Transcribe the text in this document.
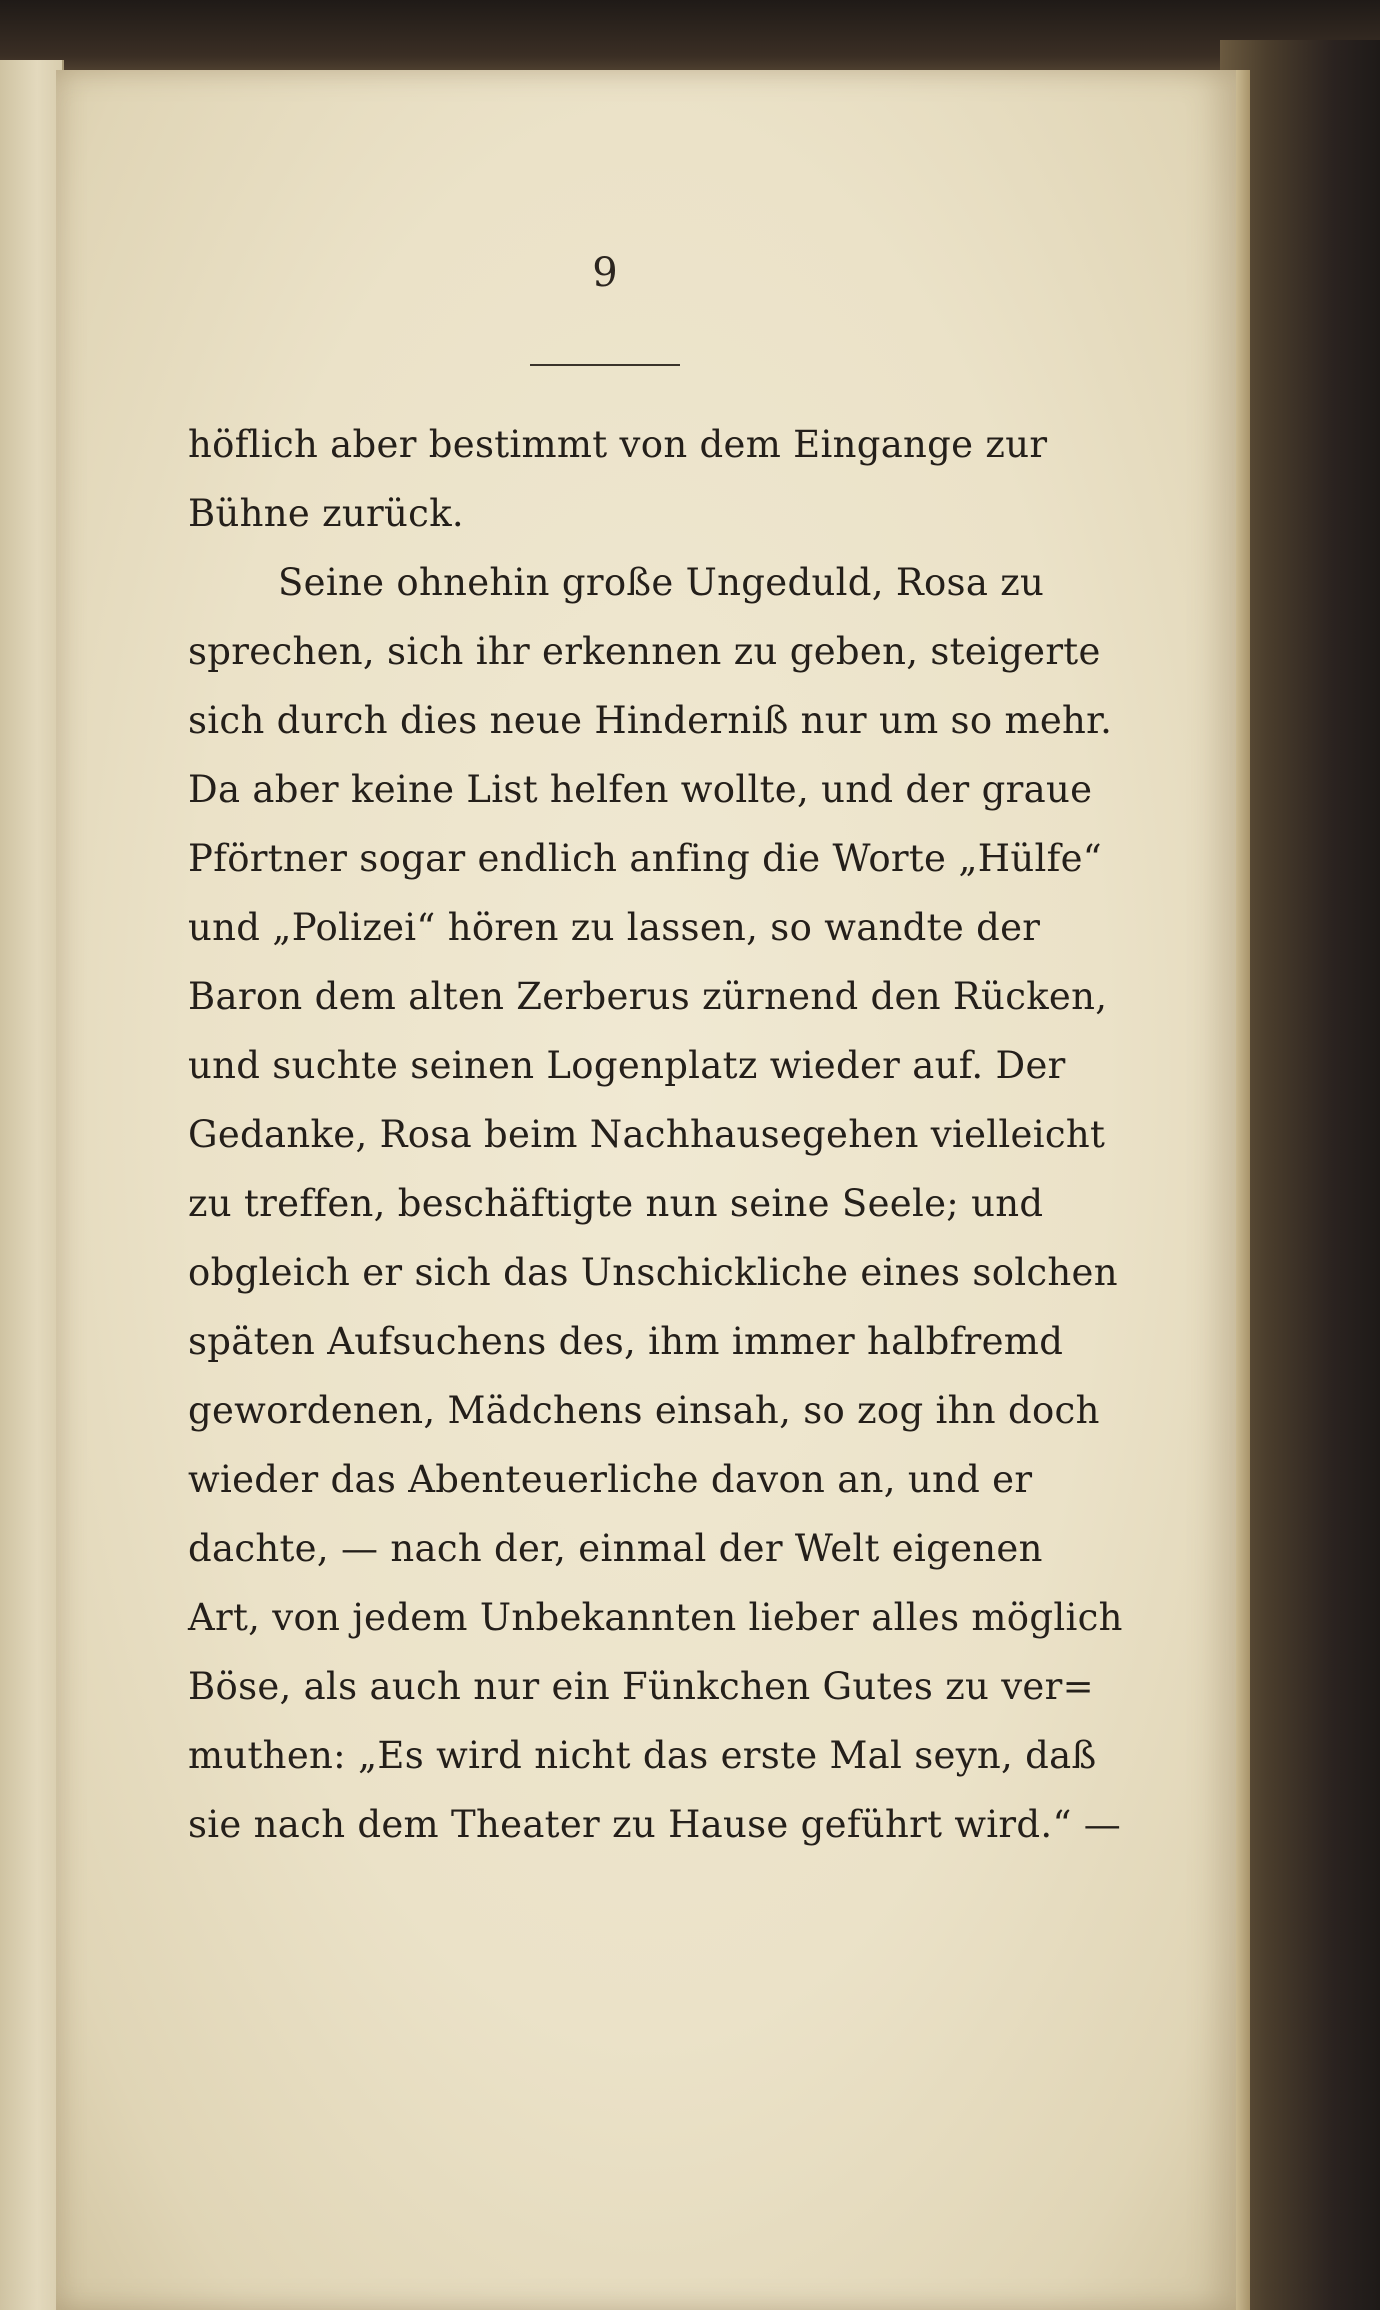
9
höflich aber bestimmt von dem Eingange zur
Bühne zurück.
Seine ohnehin große Ungeduld, Rosa zu
sprechen, sich ihr erkennen zu geben, steigerte
sich durch dies neue Hinderniß nur um so mehr.
Da aber keine List helfen wollte, und der graue
Pförtner sogar endlich anfing die Worte „Hülfe“
und „Polizei“ hören zu lassen, so wandte der
Baron dem alten Zerberus zürnend den Rücken,
und suchte seinen Logenplatz wieder auf. Der
Gedanke, Rosa beim Nachhausegehen vielleicht
zu treffen, beschäftigte nun seine Seele; und
obgleich er sich das Unschickliche eines solchen
späten Aufsuchens des, ihm immer halbfremd
gewordenen, Mädchens einsah, so zog ihn doch
wieder das Abenteuerliche davon an, und er
dachte, — nach der, einmal der Welt eigenen
Art, von jedem Unbekannten lieber alles möglich
Böse, als auch nur ein Fünkchen Gutes zu ver=
muthen: „Es wird nicht das erste Mal seyn, daß
sie nach dem Theater zu Hause geführt wird.“ —
